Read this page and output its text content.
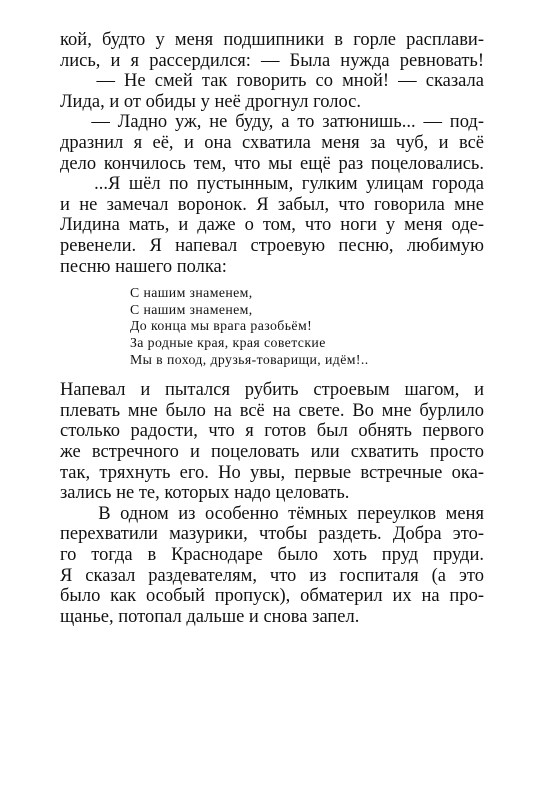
кой, будто у меня подшипники в горле расплави-
лись, и я рассердился: — Была нужда ревновать!
— Не смей так говорить со мной! — сказала
Лида, и от обиды у неё дрогнул голос.
— Ладно уж, не буду, а то затюнишь... — под-
дразнил я её, и она схватила меня за чуб, и всё
дело кончилось тем, что мы ещё раз поцеловались.
...Я шёл по пустынным, гулким улицам города
и не замечал воронок. Я забыл, что говорила мне
Лидина мать, и даже о том, что ноги у меня оде-
ревенели. Я напевал строевую песню, любимую
песню нашего полка:
С нашим знаменем,
С нашим знаменем,
До конца мы врага разобьём!
За родные края, края советские
Мы в поход, друзья-товарищи, идём!..
Напевал и пытался рубить строевым шагом, и
плевать мне было на всё на свете. Во мне бурлило
столько радости, что я готов был обнять первого
же встречного и поцеловать или схватить просто
так, тряхнуть его. Но увы, первые встречные ока-
зались не те, которых надо целовать.
В одном из особенно тёмных переулков меня
перехватили мазурики, чтобы раздеть. Добра это-
го тогда в Краснодаре было хоть пруд пруди.
Я сказал раздевателям, что из госпиталя (а это
было как особый пропуск), обматерил их на про-
щанье, потопал дальше и снова запел.
